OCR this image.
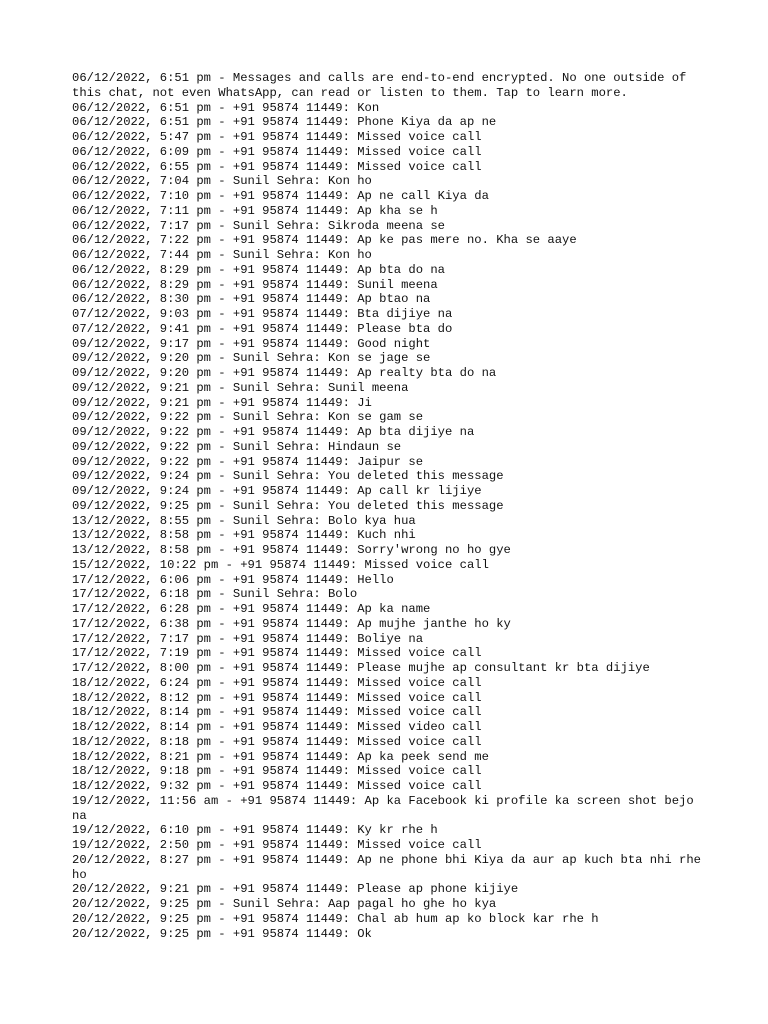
06/12/2022, 6:51 pm - Messages and calls are end-to-end encrypted. No one outside of this chat, not even WhatsApp, can read or listen to them. Tap to learn more.
06/12/2022, 6:51 pm - +91 95874 11449: Kon
06/12/2022, 6:51 pm - +91 95874 11449: Phone Kiya da ap ne
06/12/2022, 5:47 pm - +91 95874 11449: Missed voice call
06/12/2022, 6:09 pm - +91 95874 11449: Missed voice call
06/12/2022, 6:55 pm - +91 95874 11449: Missed voice call
06/12/2022, 7:04 pm - Sunil Sehra: Kon ho
06/12/2022, 7:10 pm - +91 95874 11449: Ap ne call Kiya da
06/12/2022, 7:11 pm - +91 95874 11449: Ap kha se h
06/12/2022, 7:17 pm - Sunil Sehra: Sikroda meena se
06/12/2022, 7:22 pm - +91 95874 11449: Ap ke pas mere no. Kha se aaye
06/12/2022, 7:44 pm - Sunil Sehra: Kon ho
06/12/2022, 8:29 pm - +91 95874 11449: Ap bta do na
06/12/2022, 8:29 pm - +91 95874 11449: Sunil meena
06/12/2022, 8:30 pm - +91 95874 11449: Ap btao na
07/12/2022, 9:03 pm - +91 95874 11449: Bta dijiye na
07/12/2022, 9:41 pm - +91 95874 11449: Please bta do
09/12/2022, 9:17 pm - +91 95874 11449: Good night
09/12/2022, 9:20 pm - Sunil Sehra: Kon se jage se
09/12/2022, 9:20 pm - +91 95874 11449: Ap realty bta do na
09/12/2022, 9:21 pm - Sunil Sehra: Sunil meena
09/12/2022, 9:21 pm - +91 95874 11449: Ji
09/12/2022, 9:22 pm - Sunil Sehra: Kon se gam se
09/12/2022, 9:22 pm - +91 95874 11449: Ap bta dijiye na
09/12/2022, 9:22 pm - Sunil Sehra: Hindaun se
09/12/2022, 9:22 pm - +91 95874 11449: Jaipur se
09/12/2022, 9:24 pm - Sunil Sehra: You deleted this message
09/12/2022, 9:24 pm - +91 95874 11449: Ap call kr lijiye
09/12/2022, 9:25 pm - Sunil Sehra: You deleted this message
13/12/2022, 8:55 pm - Sunil Sehra: Bolo kya hua
13/12/2022, 8:58 pm - +91 95874 11449: Kuch nhi
13/12/2022, 8:58 pm - +91 95874 11449: Sorry'wrong no ho gye
15/12/2022, 10:22 pm - +91 95874 11449: Missed voice call
17/12/2022, 6:06 pm - +91 95874 11449: Hello
17/12/2022, 6:18 pm - Sunil Sehra: Bolo
17/12/2022, 6:28 pm - +91 95874 11449: Ap ka name
17/12/2022, 6:38 pm - +91 95874 11449: Ap mujhe janthe ho ky
17/12/2022, 7:17 pm - +91 95874 11449: Boliye na
17/12/2022, 7:19 pm - +91 95874 11449: Missed voice call
17/12/2022, 8:00 pm - +91 95874 11449: Please mujhe ap consultant kr bta dijiye
18/12/2022, 6:24 pm - +91 95874 11449: Missed voice call
18/12/2022, 8:12 pm - +91 95874 11449: Missed voice call
18/12/2022, 8:14 pm - +91 95874 11449: Missed voice call
18/12/2022, 8:14 pm - +91 95874 11449: Missed video call
18/12/2022, 8:18 pm - +91 95874 11449: Missed voice call
18/12/2022, 8:21 pm - +91 95874 11449: Ap ka peek send me
18/12/2022, 9:18 pm - +91 95874 11449: Missed voice call
18/12/2022, 9:32 pm - +91 95874 11449: Missed voice call
19/12/2022, 11:56 am - +91 95874 11449: Ap ka Facebook ki profile ka screen shot bejo na
19/12/2022, 6:10 pm - +91 95874 11449: Ky kr rhe h
19/12/2022, 2:50 pm - +91 95874 11449: Missed voice call
20/12/2022, 8:27 pm - +91 95874 11449: Ap ne phone bhi Kiya da aur ap kuch bta nhi rhe ho
20/12/2022, 9:21 pm - +91 95874 11449: Please ap phone kijiye
20/12/2022, 9:25 pm - Sunil Sehra: Aap pagal ho ghe ho kya
20/12/2022, 9:25 pm - +91 95874 11449: Chal ab hum ap ko block kar rhe h
20/12/2022, 9:25 pm - +91 95874 11449: Ok
